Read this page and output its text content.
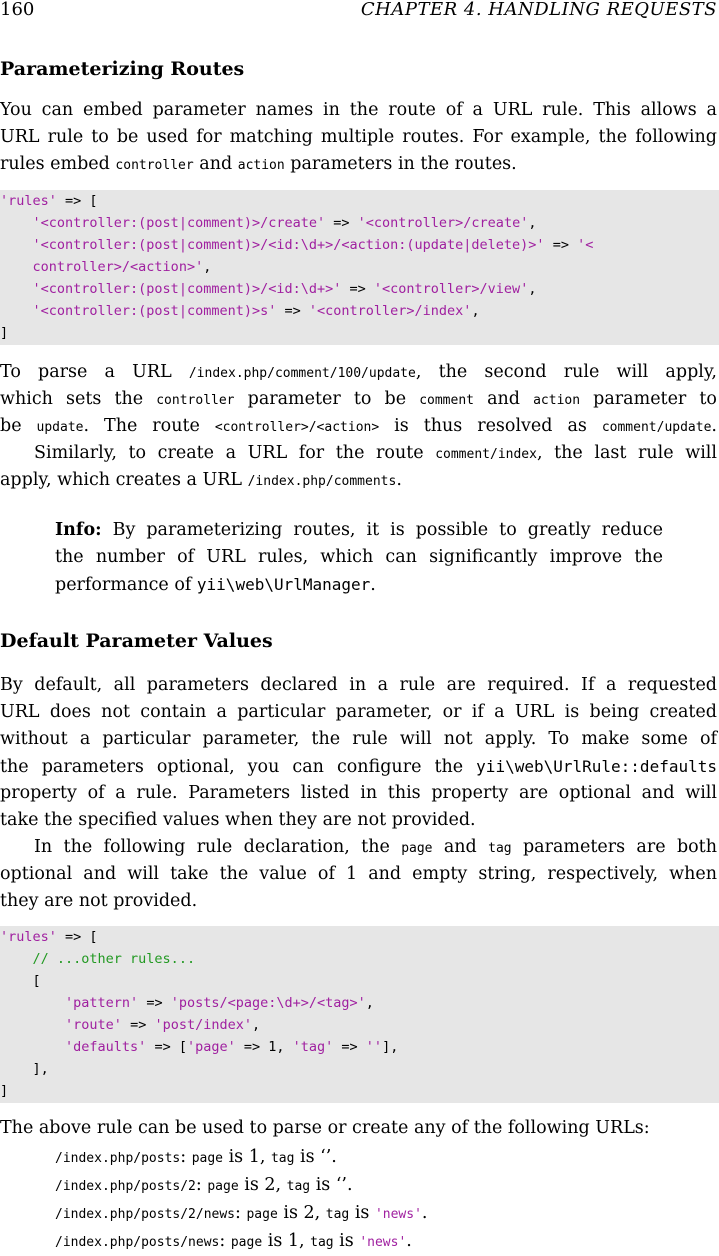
160	CHAPTER 4. HANDLING REQUESTS
Parameterizing Routes
You can embed parameter names in the route of a URL rule. This allows a
URL rule to be used for matching multiple routes. For example, the following
rules embed controller and action parameters in the routes.
'rules' => [
'<controller:(post|comment)>/create' => '<controller>/create',
'<controller:(post|comment)>/<id:\d+>/<action:(update|delete)>' => '<
controller>/<action>',
'<controller:(post|comment)>/<id:\d+>' => '<controller>/view',
'<controller:(post|comment)>s' => '<controller>/index',
]
To parse a URL /index.php/comment/100/update, the second rule will apply,
which sets the controller parameter to be comment and action parameter to
be update. The route <controller>/<action> is thus resolved as comment/update.
Similarly, to create a URL for the route comment/index, the last rule will
apply, which creates a URL /index.php/comments.
Info: By parameterizing routes, it is possible to greatly reduce
the number of URL rules, which can significantly improve the
performance of yii\web\UrlManager.
Default Parameter Values
By default, all parameters declared in a rule are required. If a requested
URL does not contain a particular parameter, or if a URL is being created
without a particular parameter, the rule will not apply. To make some of
the parameters optional, you can configure the yii\web\UrlRule::defaults
property of a rule. Parameters listed in this property are optional and will
take the specified values when they are not provided.
In the following rule declaration, the page and tag parameters are both
optional and will take the value of 1 and empty string, respectively, when
they are not provided.
'rules' => [
// ...other rules...
[
'pattern' => 'posts/<page:\d+>/<tag>',
'route' => 'post/index',
'defaults' => ['page' => 1, 'tag' => ''],
],
]
The above rule can be used to parse or create any of the following URLs:
/index.php/posts: page is 1, tag is ‘’.
/index.php/posts/2: page is 2, tag is ‘’.
/index.php/posts/2/news: page is 2, tag is 'news'.
/index.php/posts/news: page is 1, tag is 'news'.
